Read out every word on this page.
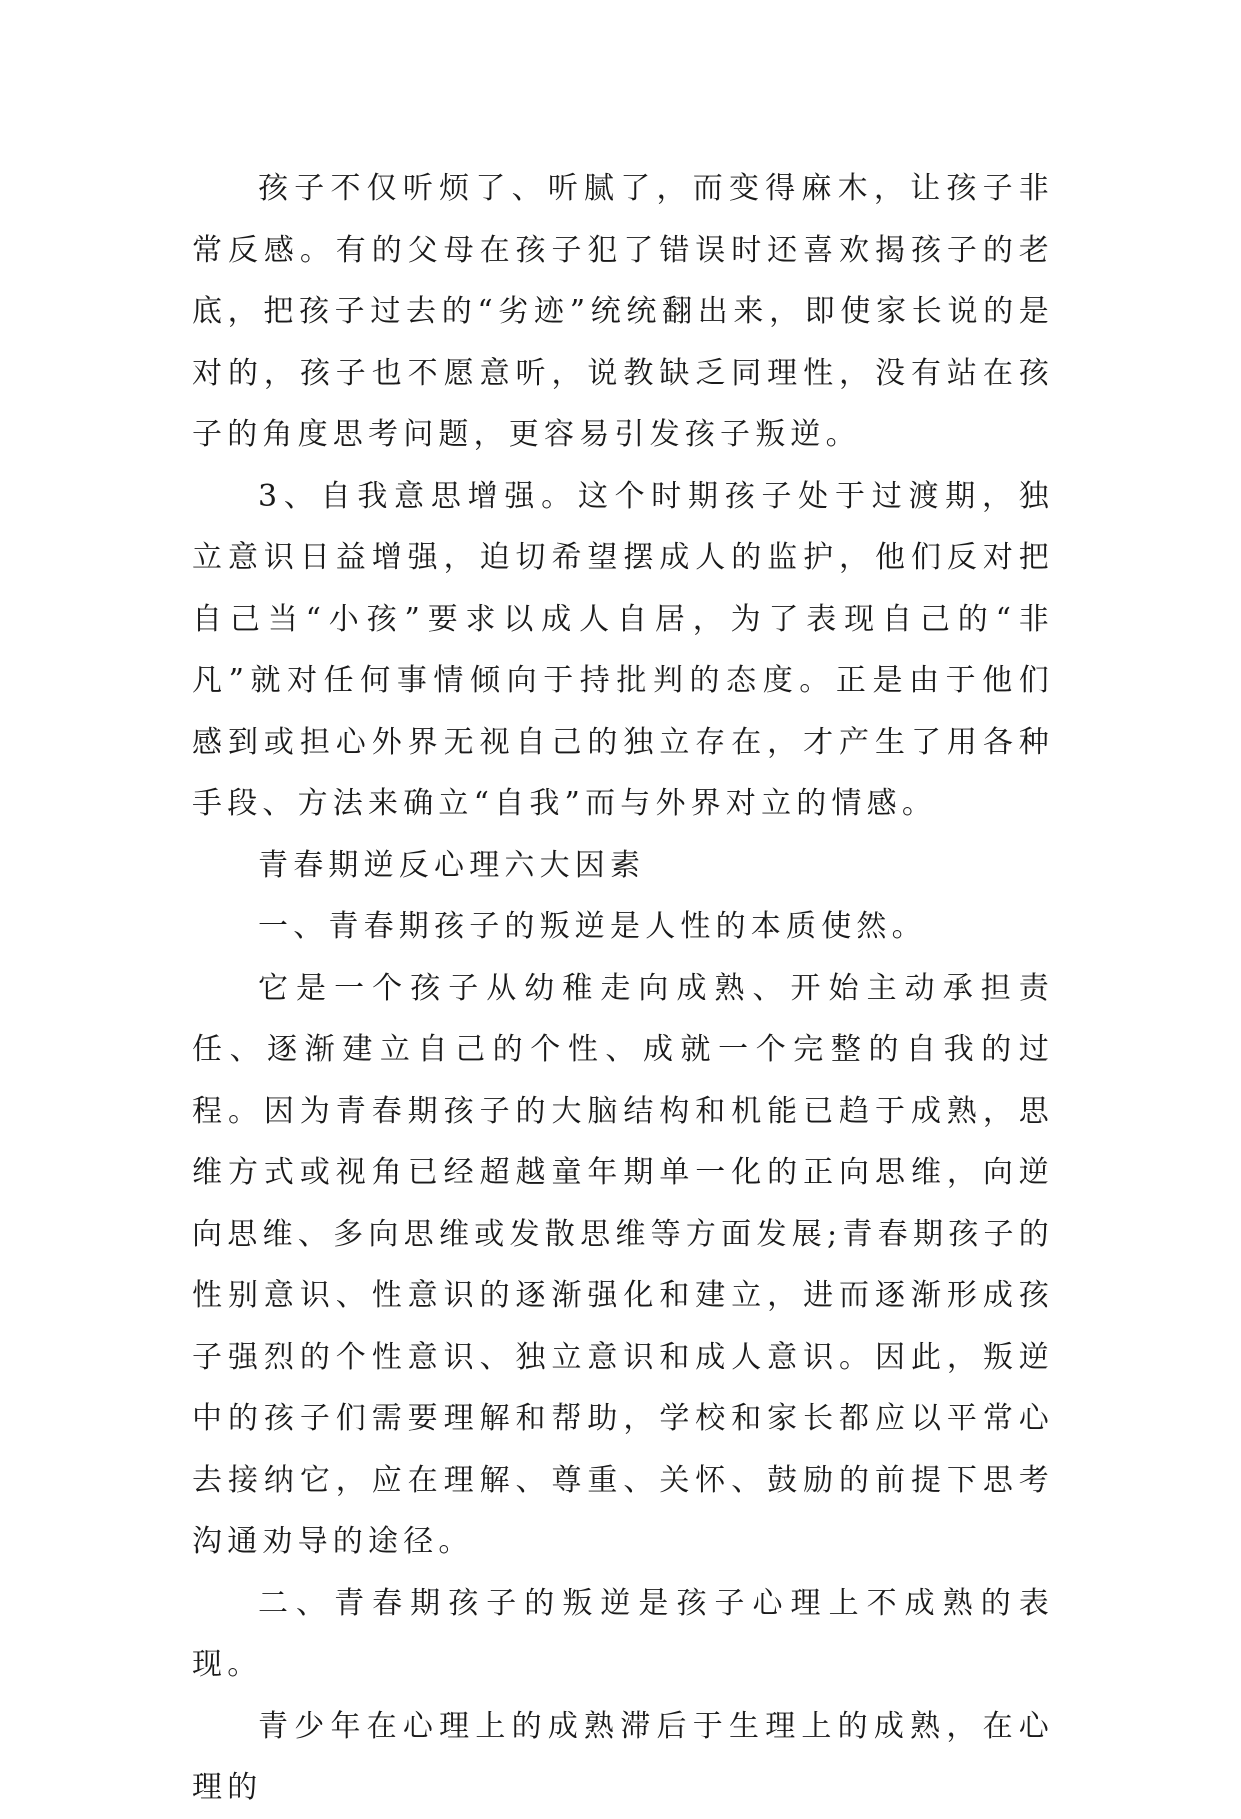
孩子不仅听烦了、听腻了，而变得麻木，让孩子非常反感。有的父母在孩子犯了错误时还喜欢揭孩子的老底，把孩子过去的“劣迹”统统翻出来，即使家长说的是对的，孩子也不愿意听，说教缺乏同理性，没有站在孩子的角度思考问题，更容易引发孩子叛逆。

3、自我意思增强。这个时期孩子处于过渡期，独立意识日益增强，迫切希望摆成人的监护，他们反对把自己当“小孩”要求以成人自居，为了表现自己的“非凡”就对任何事情倾向于持批判的态度。正是由于他们感到或担心外界无视自己的独立存在，才产生了用各种手段、方法来确立“自我”而与外界对立的情感。

青春期逆反心理六大因素

一、青春期孩子的叛逆是人性的本质使然。

它是一个孩子从幼稚走向成熟、开始主动承担责任、逐渐建立自己的个性、成就一个完整的自我的过程。因为青春期孩子的大脑结构和机能已趋于成熟，思维方式或视角已经超越童年期单一化的正向思维，向逆向思维、多向思维或发散思维等方面发展;青春期孩子的性别意识、性意识的逐渐强化和建立，进而逐渐形成孩子强烈的个性意识、独立意识和成人意识。因此，叛逆中的孩子们需要理解和帮助，学校和家长都应以平常心去接纳它，应在理解、尊重、关怀、鼓励的前提下思考沟通劝导的途径。

二、青春期孩子的叛逆是孩子心理上不成熟的表现。

青少年在心理上的成熟滞后于生理上的成熟，在心理的
